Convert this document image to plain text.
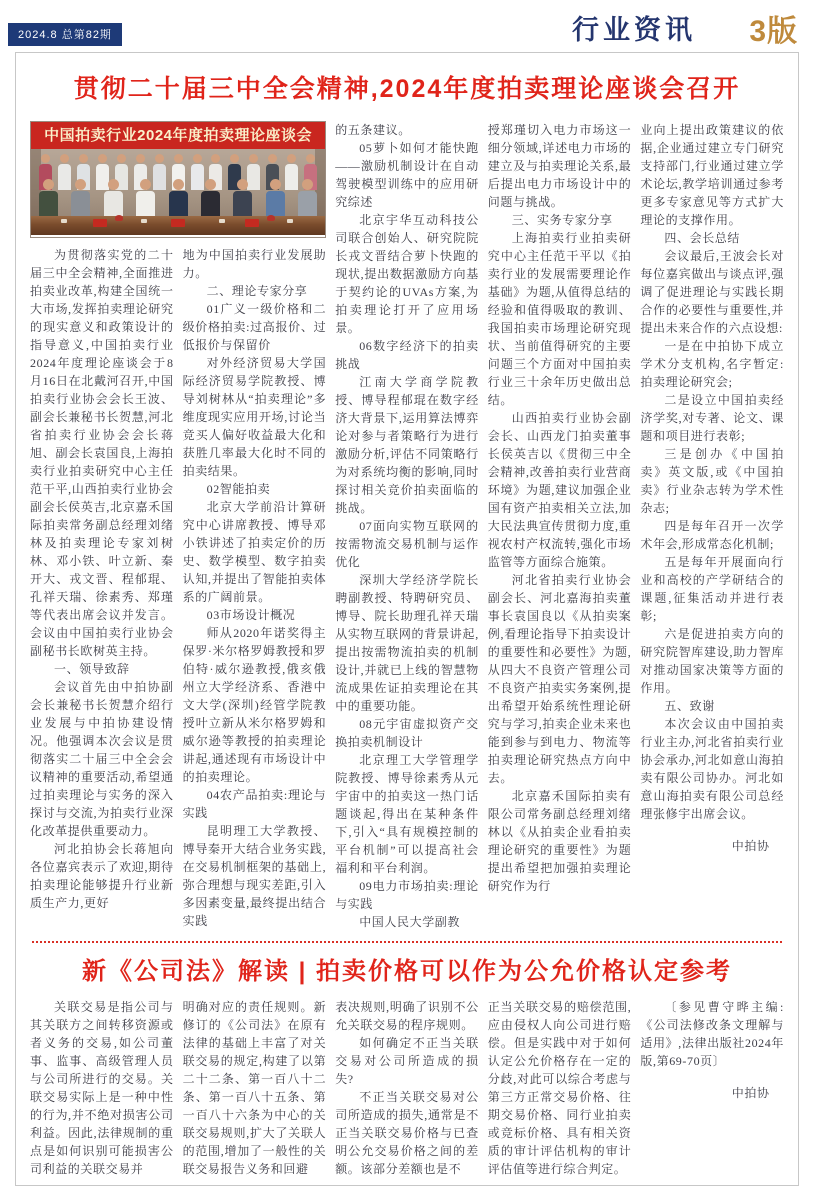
2024.8 总第82期	行业资讯 3版
贯彻二十届三中全会精神,2024年度拍卖理论座谈会召开
中国拍卖行业2024年度拍卖理论座谈会

为贯彻落实党的二十届三中全会精神,全面推进拍卖业改革,构建全国统一大市场,发挥拍卖理论研究的现实意义和政策设计的指导意义,中国拍卖行业2024年度理论座谈会于8月16日在北戴河召开,中国拍卖行业协会会长王波、副会长兼秘书长贺慧,河北省拍卖行业协会会长蒋旭、副会长袁国良,上海拍卖行业拍卖研究中心主任范干平,山西拍卖行业协会副会长侯英吉,北京嘉禾国际拍卖常务副总经理刘绪林及拍卖理论专家刘树林、邓小铁、叶立新、秦开大、戎文晋、程郁琨、孔祥天瑞、徐素秀、郑瑾等代表出席会议并发言。会议由中国拍卖行业协会副秘书长欧树英主持。

一、领导致辞

会议首先由中拍协副会长兼秘书长贺慧介绍行业发展与中拍协建设情况。他强调本次会议是贯彻落实二十届三中全会会议精神的重要活动,希望通过拍卖理论与实务的深入探讨与交流,为拍卖行业深化改革提供重要动力。

河北拍协会长蒋旭向各位嘉宾表示了欢迎,期待拍卖理论能够提升行业新质生产力,更好

地为中国拍卖行业发展助力。

二、理论专家分享

01广义一级价格和二级价格拍卖:过高报价、过低报价与保留价

对外经济贸易大学国际经济贸易学院教授、博导刘树林从“拍卖理论”多维度现实应用开场,讨论当竞买人偏好收益最大化和获胜几率最大化时不同的拍卖结果。

02智能拍卖

北京大学前沿计算研究中心讲席教授、博导邓小铁讲述了拍卖定价的历史、数学模型、数字拍卖认知,并提出了智能拍卖体系的广阔前景。

03市场设计概况

师从2020年诺奖得主保罗·米尔格罗姆教授和罗伯特·威尔逊教授,俄亥俄州立大学经济系、香港中文大学(深圳)经管学院教授叶立新从米尔格罗姆和威尔逊等教授的拍卖理论讲起,通述现有市场设计中的拍卖理论。

04农产品拍卖:理论与实践

昆明理工大学教授、博导秦开大结合业务实践,在交易机制框架的基础上,弥合理想与现实差距,引入多因素变量,最终提出结合实践

的五条建议。

05萝卜如何才能快跑——激励机制设计在自动驾驶模型训练中的应用研究综述

北京宇华互动科技公司联合创始人、研究院院长戎文晋结合萝卜快跑的现状,提出数据激励方向基于契约论的UVAs方案,为拍卖理论打开了应用场景。

06数字经济下的拍卖挑战

江南大学商学院教授、博导程郁琨在数字经济大背景下,运用算法博弈论对参与者策略行为进行激励分析,评估不同策略行为对系统均衡的影响,同时探讨相关竞价拍卖面临的挑战。

07面向实物互联网的按需物流交易机制与运作优化

深圳大学经济学院长聘副教授、特聘研究员、博导、院长助理孔祥天瑞从实物互联网的背景讲起,提出按需物流拍卖的机制设计,并就已上线的智慧物流成果佐证拍卖理论在其中的重要功能。

08元宇宙虚拟资产交换拍卖机制设计

北京理工大学管理学院教授、博导徐素秀从元宇宙中的拍卖这一热门话题谈起,得出在某种条件下,引入“具有规模控制的平台机制”可以提高社会福利和平台利润。

09电力市场拍卖:理论与实践

中国人民大学副教

授郑瑾切入电力市场这一细分领域,详述电力市场的建立及与拍卖理论关系,最后提出电力市场设计中的问题与挑战。

三、实务专家分享

上海拍卖行业拍卖研究中心主任范干平以《拍卖行业的发展需要理论作基础》为题,从值得总结的经验和值得吸取的教训、我国拍卖市场理论研究现状、当前值得研究的主要问题三个方面对中国拍卖行业三十余年历史做出总结。

山西拍卖行业协会副会长、山西龙门拍卖董事长侯英吉以《贯彻三中全会精神,改善拍卖行业营商环境》为题,建议加强企业国有资产拍卖相关立法,加大民法典宣传贯彻力度,重视农村产权流转,强化市场监管等方面综合施策。

河北省拍卖行业协会副会长、河北嘉海拍卖董事长袁国良以《从拍卖案例,看理论指导下拍卖设计的重要性和必要性》为题,从四大不良资产管理公司不良资产拍卖实务案例,提出希望开始系统性理论研究与学习,拍卖企业未来也能到参与到电力、物流等拍卖理论研究热点方向中去。

北京嘉禾国际拍卖有限公司常务副总经理刘绪林以《从拍卖企业看拍卖理论研究的重要性》为题提出希望把加强拍卖理论研究作为行

业向上提出政策建议的依据,企业通过建立专门研究支持部门,行业通过建立学术论坛,教学培训通过参考更多专家意见等方式扩大理论的支撑作用。

四、会长总结

会议最后,王波会长对每位嘉宾做出与谈点评,强调了促进理论与实践长期合作的必要性与重要性,并提出未来合作的六点设想:

一是在中拍协下成立学术分支机构,名字暂定:拍卖理论研究会;

二是设立中国拍卖经济学奖,对专著、论文、课题和项目进行表彰;

三是创办《中国拍卖》英文版,或《中国拍卖》行业杂志转为学术性杂志;

四是每年召开一次学术年会,形成常态化机制;

五是每年开展面向行业和高校的产学研结合的课题,征集活动并进行表彰;

六是促进拍卖方向的研究院智库建设,助力智库对推动国家决策等方面的作用。

五、致谢

本次会议由中国拍卖行业主办,河北省拍卖行业协会承办,河北如意山海拍卖有限公司协办。河北如意山海拍卖有限公司总经理张修宇出席会议。

中拍协

新《公司法》解读 | 拍卖价格可以作为公允价格认定参考

关联交易是指公司与其关联方之间转移资源或者义务的交易,如公司董事、监事、高级管理人员与公司所进行的交易。关联交易实际上是一种中性的行为,并不绝对损害公司利益。因此,法律规制的重点是如何识别可能损害公司利益的关联交易并

明确对应的责任规则。新修订的《公司法》在原有法律的基础上丰富了对关联交易的规定,构建了以第二十二条、第一百八十二条、第一百八十五条、第一百八十六条为中心的关联交易规则,扩大了关联人的范围,增加了一般性的关联交易报告义务和回避

表决规则,明确了识别不公允关联交易的程序规则。

如何确定不正当关联交易对公司所造成的损失?

不正当关联交易对公司所造成的损失,通常是不正当关联交易价格与已查明公允交易价格之间的差额。该部分差额也是不

正当关联交易的赔偿范围,应由侵权人向公司进行赔偿。但是实践中对于如何认定公允价格存在一定的分歧,对此可以综合考虑与第三方正常交易价格、往期交易价格、同行业拍卖或竞标价格、具有相关资质的审计评估机构的审计评估值等进行综合判定。

〔参见曹守晔主编:《公司法修改条文理解与适用》,法律出版社2024年版,第69-70页〕

中拍协
